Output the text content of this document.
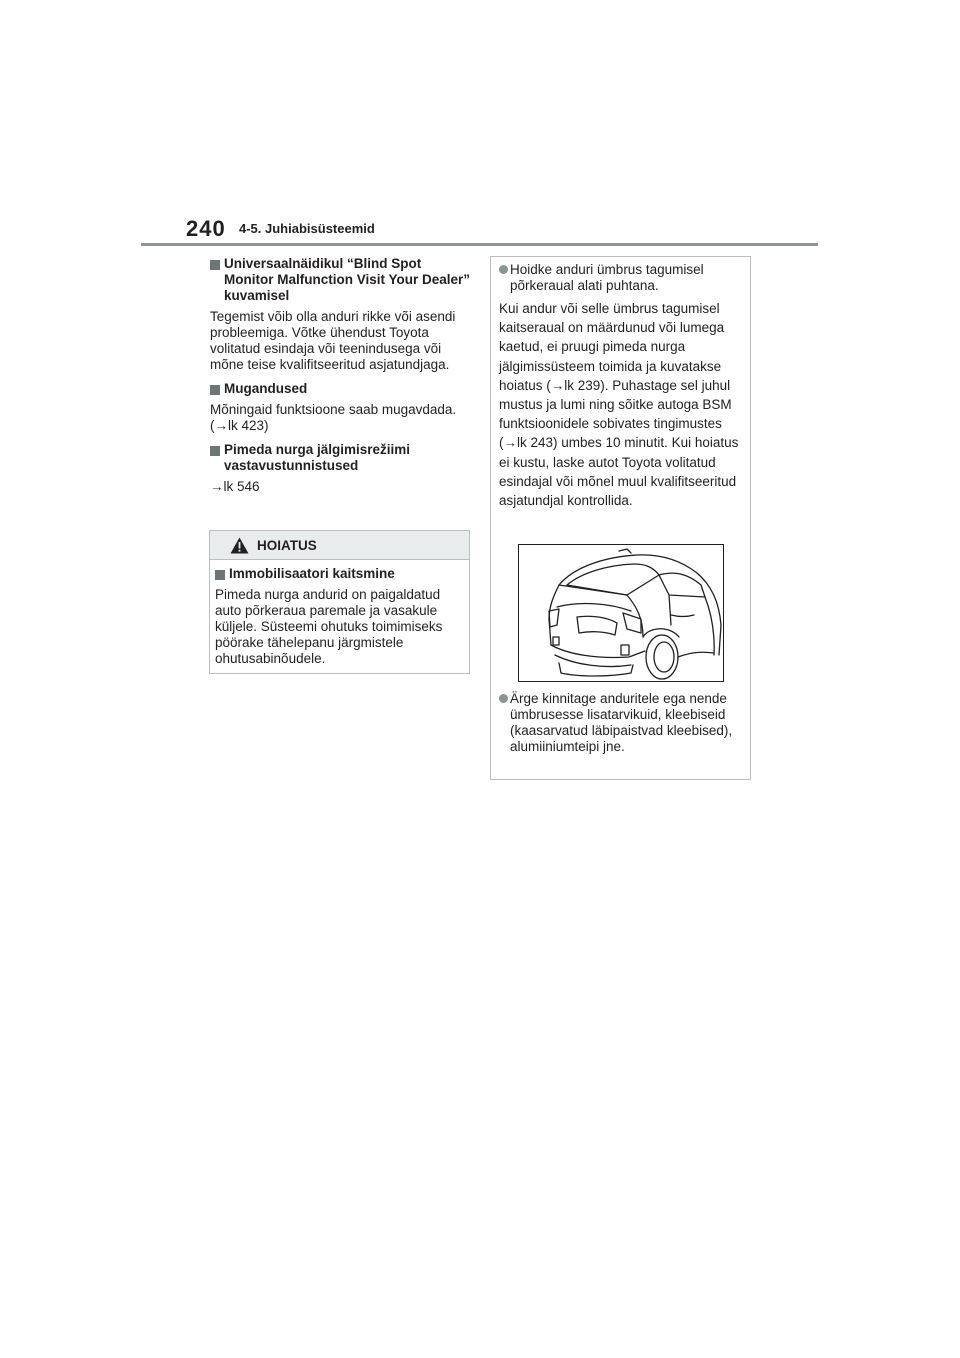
240 4-5. Juhiabisüsteemid
Universaalnäidikul “Blind Spot Monitor Malfunction Visit Your Dealer” kuvamisel
Tegemist võib olla anduri rikke või asendi probleemiga. Võtke ühendust Toyota volitatud esindaja või teenindusega või mõne teise kvalifitseeritud asjatundjaga.
Mugandused
Mõningaid funktsioone saab mugavdada. (→lk 423)
Pimeda nurga jälgimisrežiimi vastavustunnistused
→lk 546
HOIATUS
Immobilisaatori kaitsmine
Pimeda nurga andurid on paigaldatud auto põrkeraua paremale ja vasakule küljele. Süsteemi ohutuks toimimiseks pöörake tähelepanu järgmistele ohutusabinõudele.
Hoidke anduri ümbrus tagumisel põrkeraual alati puhtana.
Kui andur või selle ümbrus tagumisel kaitseraual on määrdunud või lumega kaetud, ei pruugi pimeda nurga jälgimissüsteem toimida ja kuvatakse hoiatus (→lk 239). Puhastage sel juhul mustus ja lumi ning sõitke autoga BSM funktsioonidele sobivates tingimustes (→lk 243) umbes 10 minutit. Kui hoiatus ei kustu, laske autot Toyota volitatud esindajal või mõnel muul kvalifitseeritud asjatundjal kontrollida.
Ärge kinnitage anduritele ega nende ümbrusesse lisatarvikuid, kleebiseid (kaasarvatud läbipaistvad kleebised), alumiiniumteipi jne.
